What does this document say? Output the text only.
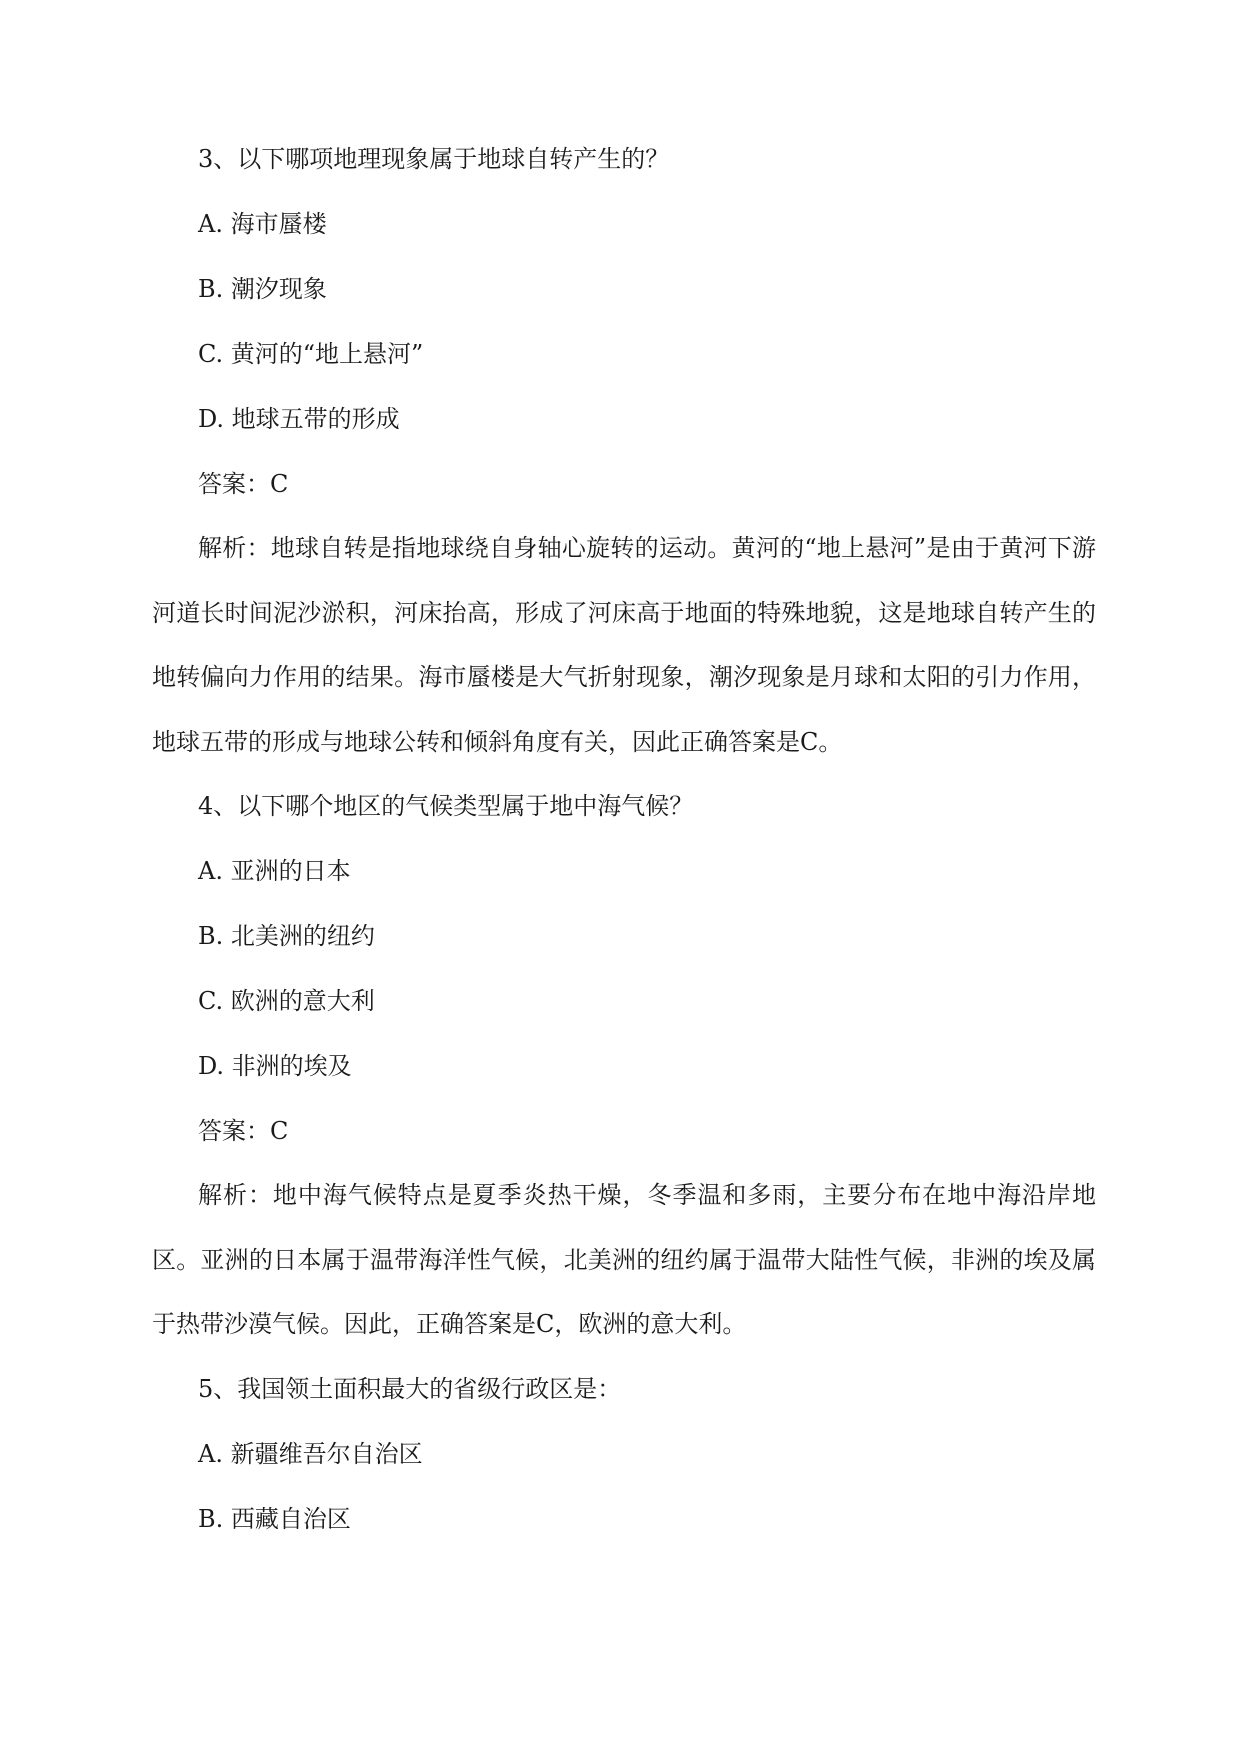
3、以下哪项地理现象属于地球自转产生的？
A. 海市蜃楼
B. 潮汐现象
C. 黄河的“地上悬河”
D. 地球五带的形成
答案：C
解析：地球自转是指地球绕自身轴心旋转的运动。黄河的“地上悬河”是由于黄河下游河道长时间泥沙淤积，河床抬高，形成了河床高于地面的特殊地貌，这是地球自转产生的地转偏向力作用的结果。海市蜃楼是大气折射现象，潮汐现象是月球和太阳的引力作用，地球五带的形成与地球公转和倾斜角度有关，因此正确答案是C。
4、以下哪个地区的气候类型属于地中海气候？
A. 亚洲的日本
B. 北美洲的纽约
C. 欧洲的意大利
D. 非洲的埃及
答案：C
解析：地中海气候特点是夏季炎热干燥，冬季温和多雨，主要分布在地中海沿岸地区。亚洲的日本属于温带海洋性气候，北美洲的纽约属于温带大陆性气候，非洲的埃及属于热带沙漠气候。因此，正确答案是C，欧洲的意大利。
5、我国领土面积最大的省级行政区是：
A. 新疆维吾尔自治区
B. 西藏自治区
